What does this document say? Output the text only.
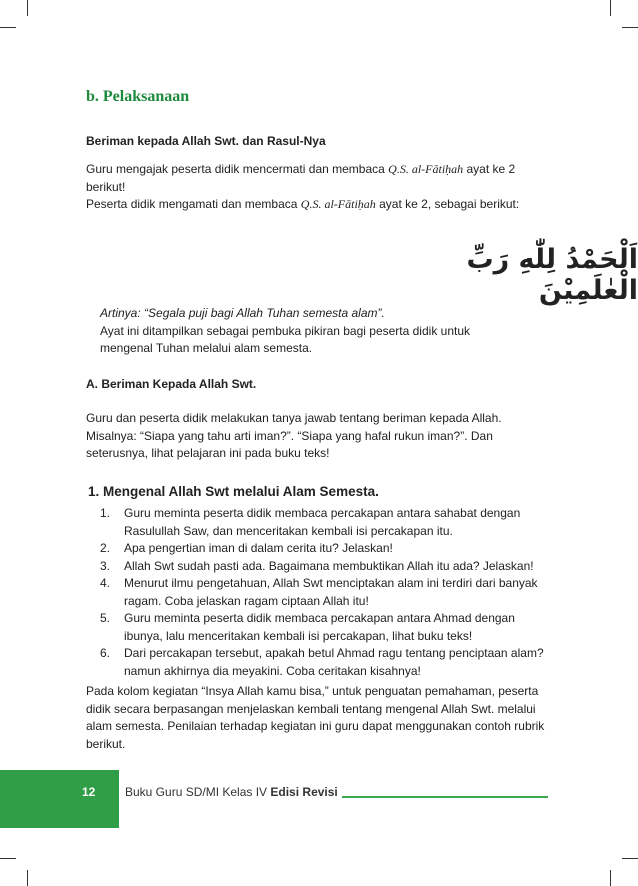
b. Pelaksanaan
Beriman kepada Allah Swt. dan Rasul-Nya
Guru mengajak peserta didik mencermati dan membaca Q.S. al-Fātiḥah ayat ke 2
berikut!
Peserta didik mengamati dan membaca Q.S. al-Fātiḥah ayat ke 2, sebagai berikut:
اَلْحَمْدُ لِلّٰهِ رَبِّ الْعٰلَمِيْنَ
Artinya: “Segala puji bagi Allah Tuhan semesta alam”.
Ayat ini ditampilkan sebagai pembuka pikiran bagi peserta didik untuk
mengenal Tuhan melalui alam semesta.
A. Beriman Kepada Allah Swt.
Guru dan peserta didik melakukan tanya jawab tentang beriman kepada Allah.
Misalnya: “Siapa yang tahu arti iman?”. “Siapa yang hafal rukun iman?”. Dan
seterusnya, lihat pelajaran ini pada buku teks!
1. Mengenal Allah Swt melalui Alam Semesta.
1. Guru meminta peserta didik membaca percakapan antara sahabat dengan
Rasulullah Saw, dan menceritakan kembali isi percakapan itu.
2. Apa pengertian iman di dalam cerita itu? Jelaskan!
3. Allah Swt sudah pasti ada. Bagaimana membuktikan Allah itu ada? Jelaskan!
4. Menurut ilmu pengetahuan, Allah Swt menciptakan alam ini terdiri dari banyak
ragam. Coba jelaskan ragam ciptaan Allah itu!
5. Guru meminta peserta didik membaca percakapan antara Ahmad dengan
ibunya, lalu menceritakan kembali isi percakapan, lihat buku teks!
6. Dari percakapan tersebut, apakah betul Ahmad ragu tentang penciptaan alam?
namun akhirnya dia meyakini. Coba ceritakan kisahnya!
Pada kolom kegiatan “Insya Allah kamu bisa,” untuk penguatan pemahaman, peserta
didik secara berpasangan menjelaskan kembali tentang mengenal Allah Swt. melalui
alam semesta. Penilaian terhadap kegiatan ini guru dapat menggunakan contoh rubrik
berikut.
12 Buku Guru SD/MI Kelas IV Edisi Revisi
